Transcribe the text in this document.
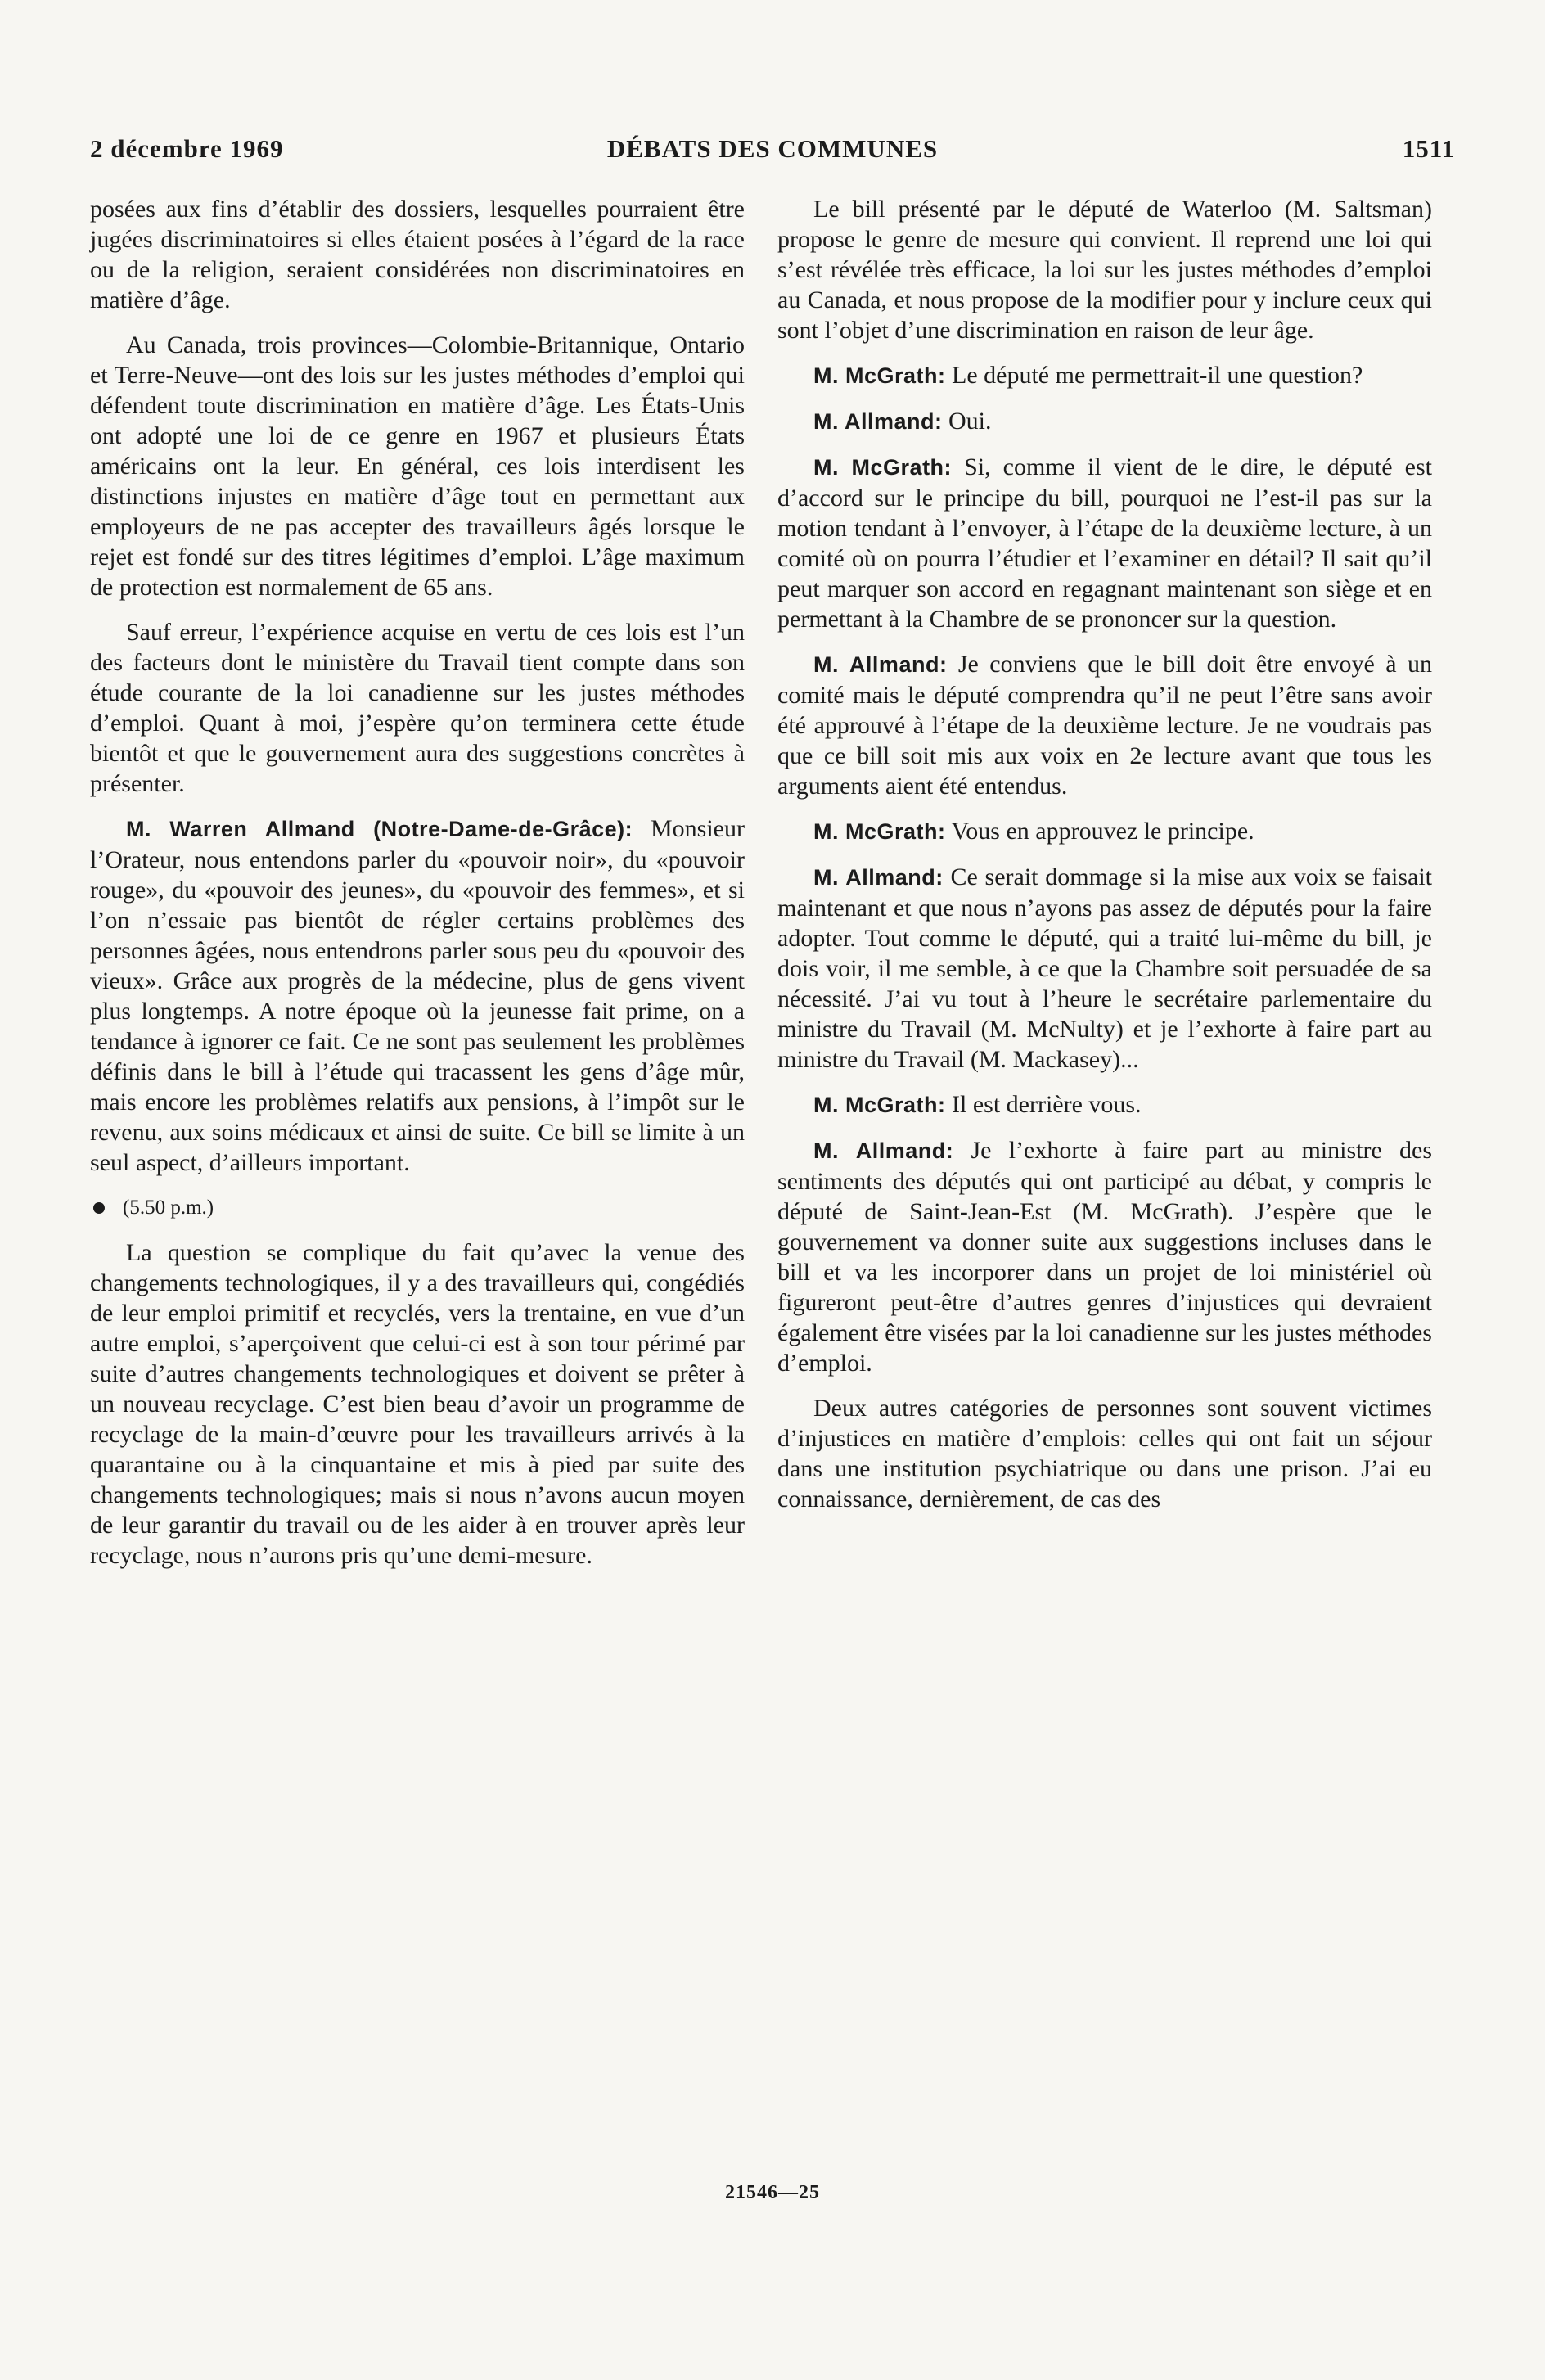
2 décembre 1969	DÉBATS DES COMMUNES	1511

posées aux fins d’établir des dossiers, lesquelles pourraient être jugées discriminatoires si elles étaient posées à l’égard de la race ou de la religion, seraient considérées non discriminatoires en matière d’âge.

Au Canada, trois provinces—Colombie-Britannique, Ontario et Terre-Neuve—ont des lois sur les justes méthodes d’emploi qui défendent toute discrimination en matière d’âge. Les États-Unis ont adopté une loi de ce genre en 1967 et plusieurs États américains ont la leur. En général, ces lois interdisent les distinctions injustes en matière d’âge tout en permettant aux employeurs de ne pas accepter des travailleurs âgés lorsque le rejet est fondé sur des titres légitimes d’emploi. L’âge maximum de protection est normalement de 65 ans.

Sauf erreur, l’expérience acquise en vertu de ces lois est l’un des facteurs dont le ministère du Travail tient compte dans son étude courante de la loi canadienne sur les justes méthodes d’emploi. Quant à moi, j’espère qu’on terminera cette étude bientôt et que le gouvernement aura des suggestions concrètes à présenter.

M. Warren Allmand (Notre-Dame-de-Grâce): Monsieur l’Orateur, nous entendons parler du «pouvoir noir», du «pouvoir rouge», du «pouvoir des jeunes», du «pouvoir des femmes», et si l’on n’essaie pas bientôt de régler certains problèmes des personnes âgées, nous entendrons parler sous peu du «pouvoir des vieux». Grâce aux progrès de la médecine, plus de gens vivent plus longtemps. A notre époque où la jeunesse fait prime, on a tendance à ignorer ce fait. Ce ne sont pas seulement les problèmes définis dans le bill à l’étude qui tracassent les gens d’âge mûr, mais encore les problèmes relatifs aux pensions, à l’impôt sur le revenu, aux soins médicaux et ainsi de suite. Ce bill se limite à un seul aspect, d’ailleurs important.

(5.50 p.m.)

La question se complique du fait qu’avec la venue des changements technologiques, il y a des travailleurs qui, congédiés de leur emploi primitif et recyclés, vers la trentaine, en vue d’un autre emploi, s’aperçoivent que celui-ci est à son tour périmé par suite d’autres changements technologiques et doivent se prêter à un nouveau recyclage. C’est bien beau d’avoir un programme de recyclage de la main-d’œuvre pour les travailleurs arrivés à la quarantaine ou à la cinquantaine et mis à pied par suite des changements technologiques; mais si nous n’avons aucun moyen de leur garantir du travail ou de les aider à en trouver après leur recyclage, nous n’aurons pris qu’une demi-mesure.

Le bill présenté par le député de Waterloo (M. Saltsman) propose le genre de mesure qui convient. Il reprend une loi qui s’est révélée très efficace, la loi sur les justes méthodes d’emploi au Canada, et nous propose de la modifier pour y inclure ceux qui sont l’objet d’une discrimination en raison de leur âge.

M. McGrath: Le député me permettrait-il une question?

M. Allmand: Oui.

M. McGrath: Si, comme il vient de le dire, le député est d’accord sur le principe du bill, pourquoi ne l’est-il pas sur la motion tendant à l’envoyer, à l’étape de la deuxième lecture, à un comité où on pourra l’étudier et l’examiner en détail? Il sait qu’il peut marquer son accord en regagnant maintenant son siège et en permettant à la Chambre de se prononcer sur la question.

M. Allmand: Je conviens que le bill doit être envoyé à un comité mais le député comprendra qu’il ne peut l’être sans avoir été approuvé à l’étape de la deuxième lecture. Je ne voudrais pas que ce bill soit mis aux voix en 2e lecture avant que tous les arguments aient été entendus.

M. McGrath: Vous en approuvez le principe.

M. Allmand: Ce serait dommage si la mise aux voix se faisait maintenant et que nous n’ayons pas assez de députés pour la faire adopter. Tout comme le député, qui a traité lui-même du bill, je dois voir, il me semble, à ce que la Chambre soit persuadée de sa nécessité. J’ai vu tout à l’heure le secrétaire parlementaire du ministre du Travail (M. McNulty) et je l’exhorte à faire part au ministre du Travail (M. Mackasey)...

M. McGrath: Il est derrière vous.

M. Allmand: Je l’exhorte à faire part au ministre des sentiments des députés qui ont participé au débat, y compris le député de Saint-Jean-Est (M. McGrath). J’espère que le gouvernement va donner suite aux suggestions incluses dans le bill et va les incorporer dans un projet de loi ministériel où figureront peut-être d’autres genres d’injustices qui devraient également être visées par la loi canadienne sur les justes méthodes d’emploi.

Deux autres catégories de personnes sont souvent victimes d’injustices en matière d’emplois: celles qui ont fait un séjour dans une institution psychiatrique ou dans une prison. J’ai eu connaissance, dernièrement, de cas des

21546—25
